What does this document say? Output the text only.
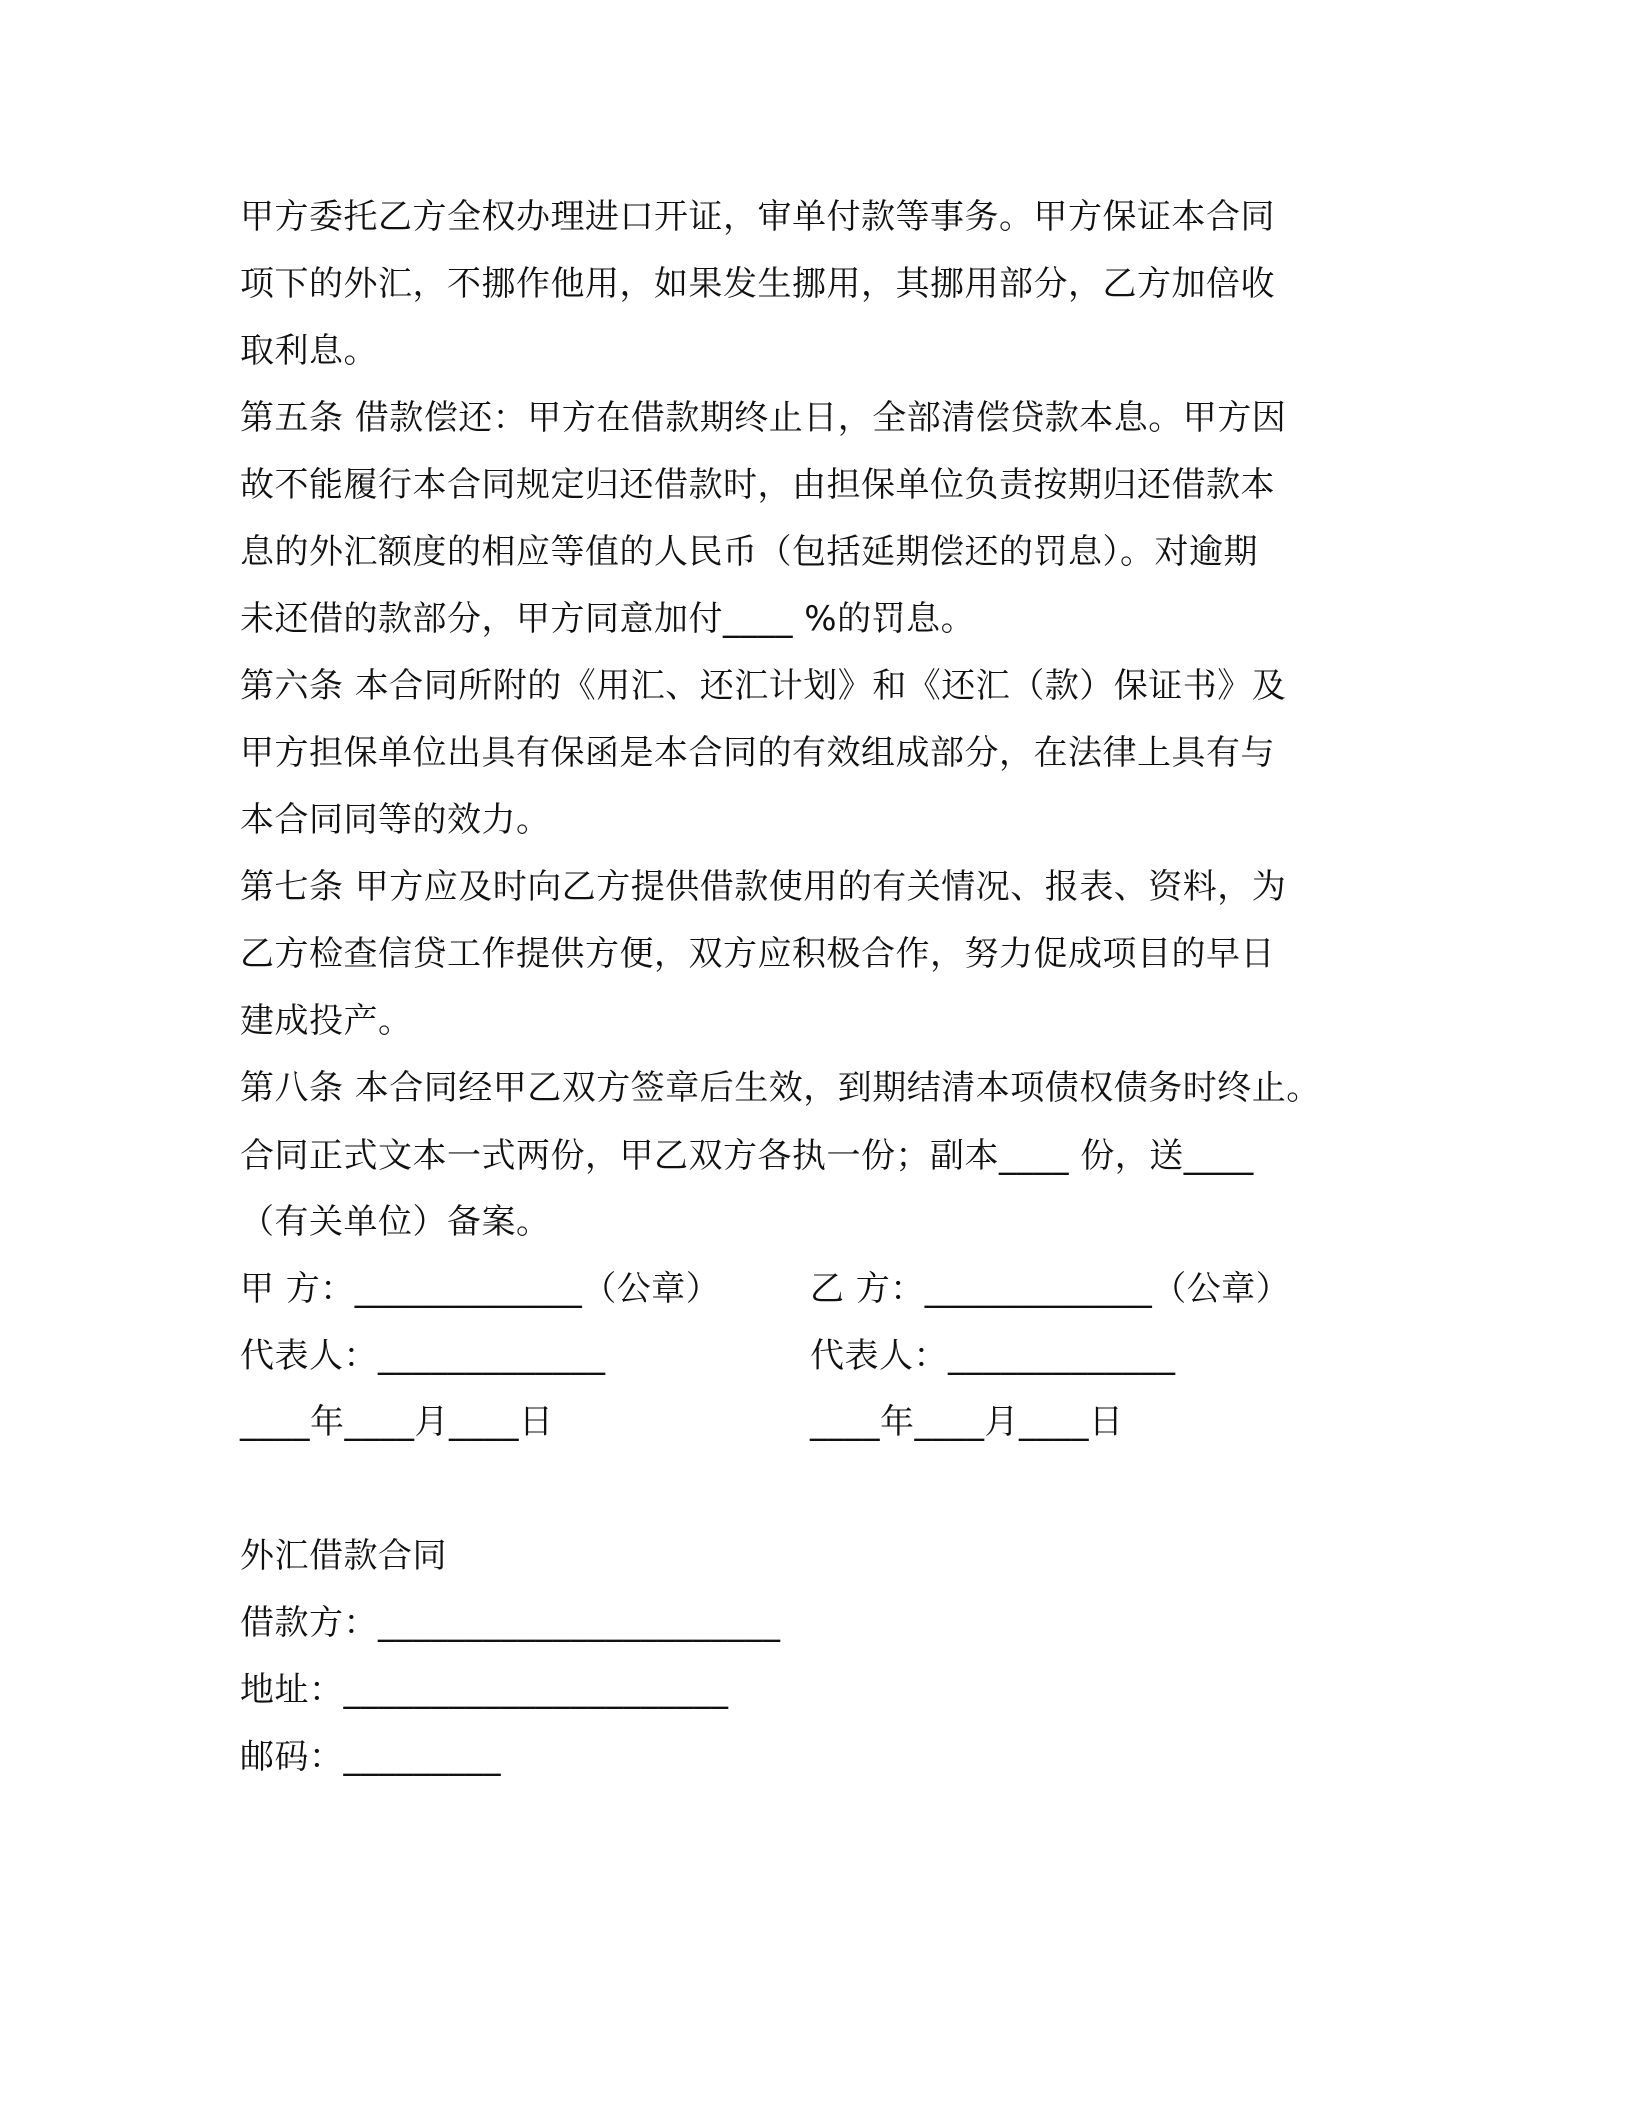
甲方委托乙方全权办理进口开证，审单付款等事务。甲方保证本合同
项下的外汇，不挪作他用，如果发生挪用，其挪用部分，乙方加倍收
取利息。
第五条 借款偿还：甲方在借款期终止日，全部清偿贷款本息。甲方因
故不能履行本合同规定归还借款时，由担保单位负责按期归还借款本
息的外汇额度的相应等值的人民币（包括延期偿还的罚息）。对逾期
未还借的款部分，甲方同意加付____ %的罚息。
第六条 本合同所附的《用汇、还汇计划》和《还汇（款）保证书》及
甲方担保单位出具有保函是本合同的有效组成部分，在法律上具有与
本合同同等的效力。
第七条 甲方应及时向乙方提供借款使用的有关情况、报表、资料，为
乙方检查信贷工作提供方便，双方应积极合作，努力促成项目的早日
建成投产。
第八条 本合同经甲乙双方签章后生效，到期结清本项债权债务时终止。
合同正式文本一式两份，甲乙双方各执一份；副本____ 份，送____
（有关单位）备案。
甲 方：_____________（公章）	乙 方：_____________（公章）
代表人：_____________	代表人：_____________
____年____月____日	____年____月____日
外汇借款合同
借款方：_______________________
地址：______________________
邮码：_________
